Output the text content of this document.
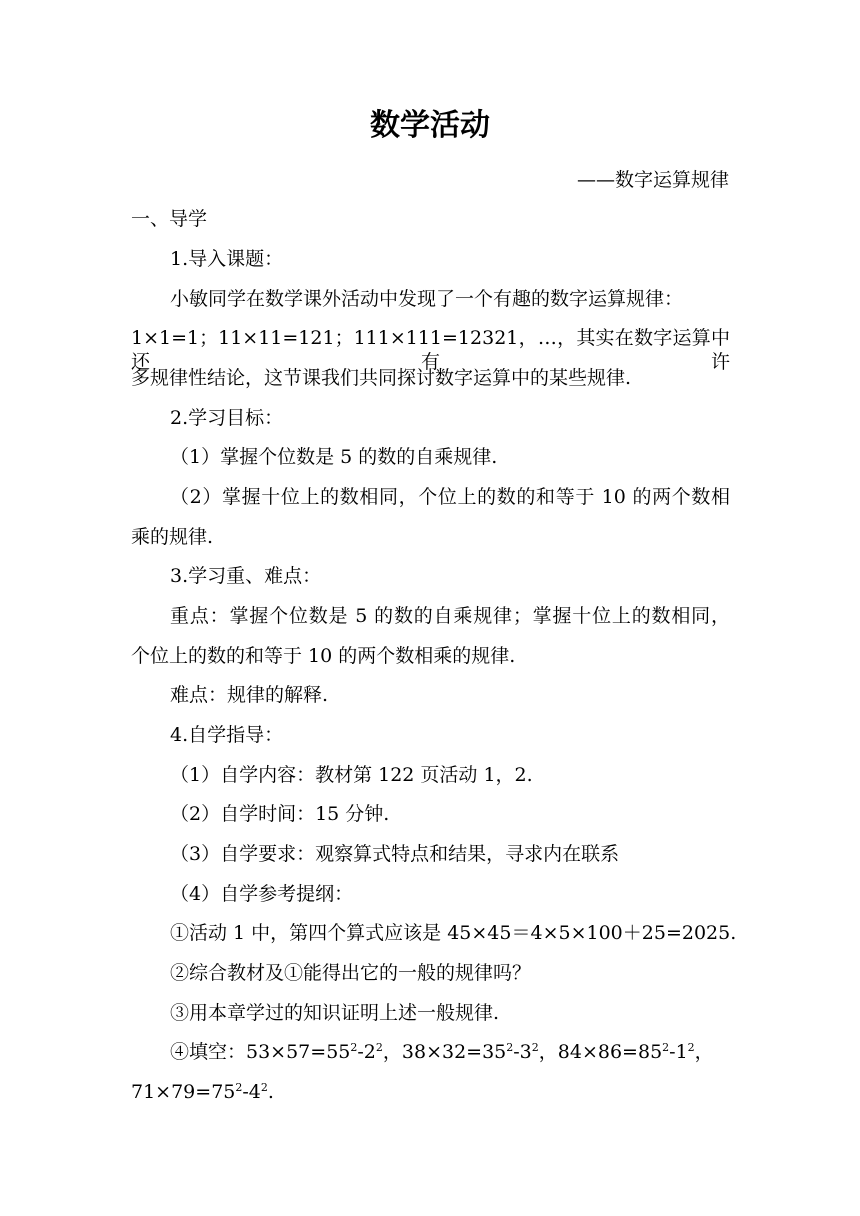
数学活动
——数字运算规律
一、导学
1.导入课题：
小敏同学在数学课外活动中发现了一个有趣的数字运算规律：
1×1=1；11×11=121；111×111=12321，…，其实在数字运算中还有许
多规律性结论，这节课我们共同探讨数字运算中的某些规律.
2.学习目标：
（1）掌握个位数是 5 的数的自乘规律.
（2）掌握十位上的数相同，个位上的数的和等于 10 的两个数相
乘的规律.
3.学习重、难点：
重点：掌握个位数是 5 的数的自乘规律；掌握十位上的数相同，
个位上的数的和等于 10 的两个数相乘的规律.
难点：规律的解释.
4.自学指导：
（1）自学内容：教材第 122 页活动 1，2.
（2）自学时间：15 分钟.
（3）自学要求：观察算式特点和结果，寻求内在联系
（4）自学参考提纲：
①活动 1 中，第四个算式应该是 45×45＝4×5×100＋25=2025.
②综合教材及①能得出它的一般的规律吗？
③用本章学过的知识证明上述一般规律.
④填空：$53\times 57=55^2-2^2$，$38\times 32=35^2-3^2$，$84\times 86=85^2-1^2$，
$71\times 79=75^2-4^2$.
